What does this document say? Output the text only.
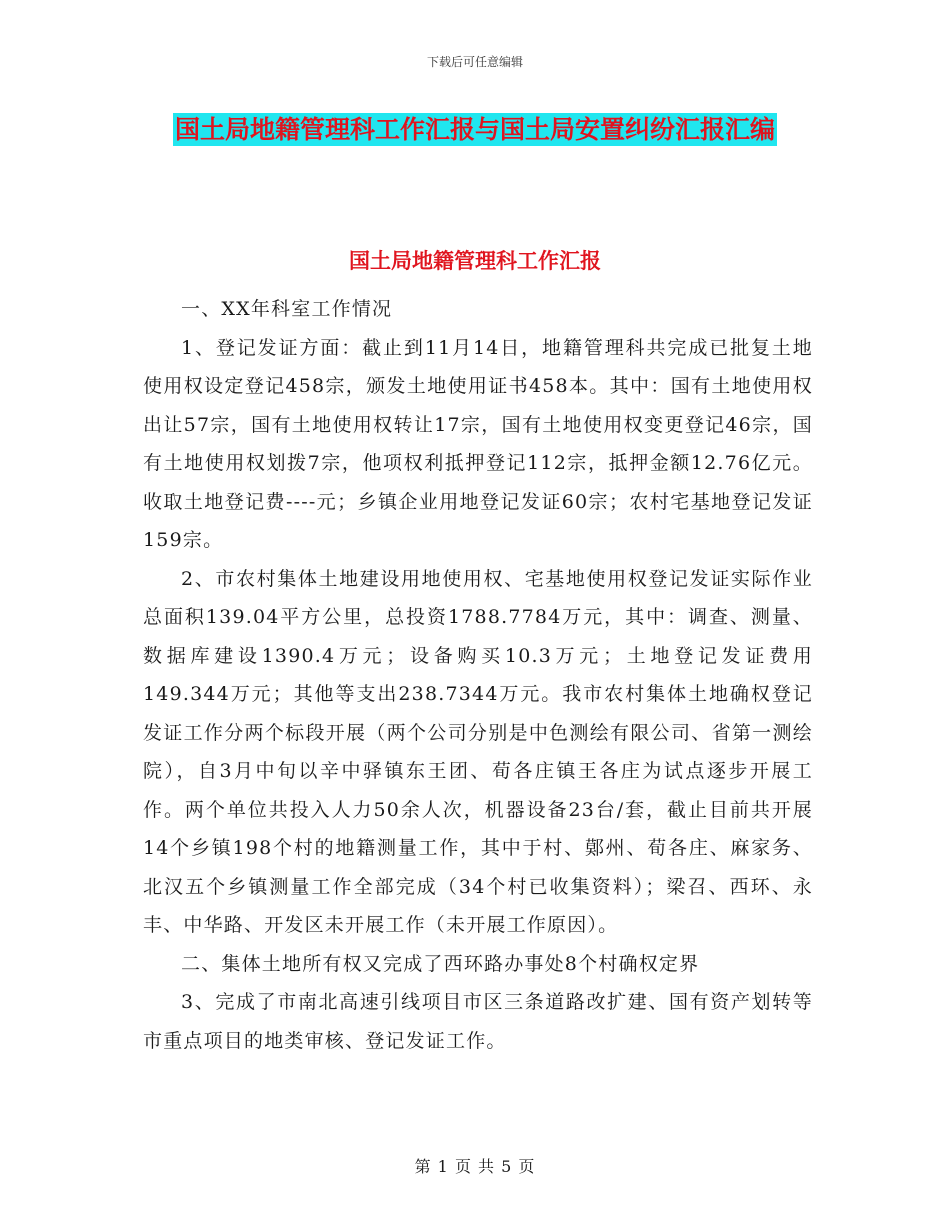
下载后可任意编辑
国土局地籍管理科工作汇报与国土局安置纠纷汇报汇编
国土局地籍管理科工作汇报

一、XX年科室工作情况

1、登记发证方面：截止到11月14日，地籍管理科共完成已批复土地使用权设定登记458宗，颁发土地使用证书458本。其中：国有土地使用权出让57宗，国有土地使用权转让17宗，国有土地使用权变更登记46宗，国有土地使用权划拨7宗，他项权利抵押登记112宗，抵押金额12.76亿元。收取土地登记费----元；乡镇企业用地登记发证60宗；农村宅基地登记发证159宗。

2、市农村集体土地建设用地使用权、宅基地使用权登记发证实际作业总面积139.04平方公里，总投资1788.7784万元，其中：调查、测量、数据库建设1390.4万元；设备购买10.3万元；土地登记发证费用149.344万元；其他等支出238.7344万元。我市农村集体土地确权登记发证工作分两个标段开展（两个公司分别是中色测绘有限公司、省第一测绘院），自3月中旬以辛中驿镇东王团、荀各庄镇王各庄为试点逐步开展工作。两个单位共投入人力50余人次，机器设备23台/套，截止目前共开展14个乡镇198个村的地籍测量工作，其中于村、鄚州、荀各庄、麻家务、北汉五个乡镇测量工作全部完成（34个村已收集资料）；梁召、西环、永丰、中华路、开发区未开展工作（未开展工作原因）。

二、集体土地所有权又完成了西环路办事处8个村确权定界

3、完成了市南北高速引线项目市区三条道路改扩建、国有资产划转等市重点项目的地类审核、登记发证工作。

第 1 页 共 5 页
